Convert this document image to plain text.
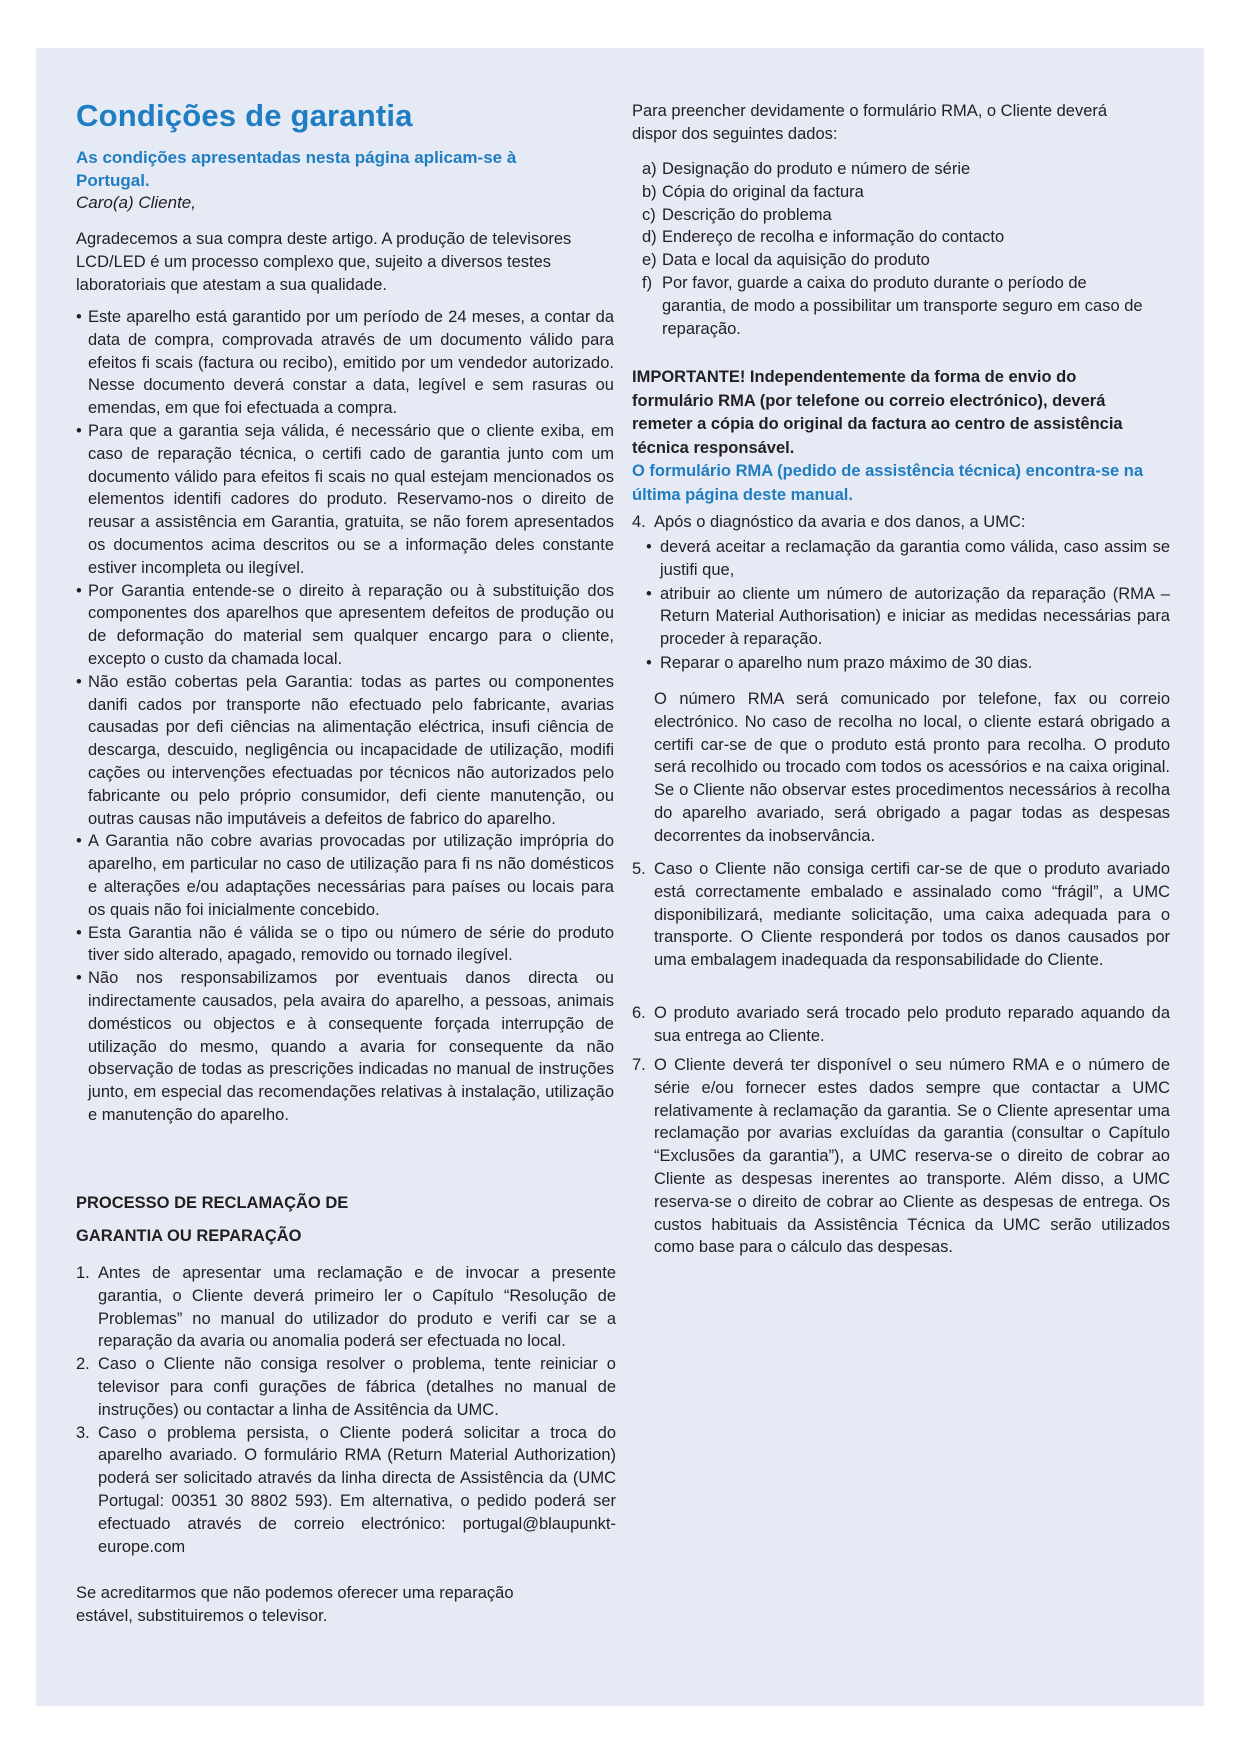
Condições de garantia

As condições apresentadas nesta página aplicam-se à Portugal.

Caro(a) Cliente,

Agradecemos a sua compra deste artigo. A produção de televisores LCD/LED é um processo complexo que, sujeito a diversos testes laboratoriais que atestam a sua qualidade.

• Este aparelho está garantido por um período de 24 meses, a contar da data de compra, comprovada através de um documento válido para efeitos fi scais (factura ou recibo), emitido por um vendedor autorizado. Nesse documento deverá constar a data, legível e sem rasuras ou emendas, em que foi efectuada a compra.
• Para que a garantia seja válida, é necessário que o cliente exiba, em caso de reparação técnica, o certifi cado de garantia junto com um documento válido para efeitos fi scais no qual estejam mencionados os elementos identifi cadores do produto. Reservamo-nos o direito de reusar a assistência em Garantia, gratuita, se não forem apresentados os documentos acima descritos ou se a informação deles constante estiver incompleta ou ilegível.
• Por Garantia entende-se o direito à reparação ou à substituição dos componentes dos aparelhos que apresentem defeitos de produção ou de deformação do material sem qualquer encargo para o cliente, excepto o custo da chamada local.
• Não estão cobertas pela Garantia: todas as partes ou componentes danifi cados por transporte não efectuado pelo fabricante, avarias causadas por defi ciências na alimentação eléctrica, insufi ciência de descarga, descuido, negligência ou incapacidade de utilização, modifi cações ou intervenções efectuadas por técnicos não autorizados pelo fabricante ou pelo próprio consumidor, defi ciente manutenção, ou outras causas não imputáveis a defeitos de fabrico do aparelho.
• A Garantia não cobre avarias provocadas por utilização imprópria do aparelho, em particular no caso de utilização para fi ns não domésticos e alterações e/ou adaptações necessárias para países ou locais para os quais não foi inicialmente concebido.
• Esta Garantia não é válida se o tipo ou número de série do produto tiver sido alterado, apagado, removido ou tornado ilegível.
• Não nos responsabilizamos por eventuais danos directa ou indirectamente causados, pela avaira do aparelho, a pessoas, animais domésticos ou objectos e à consequente forçada interrupção de utilização do mesmo, quando a avaria for consequente da não observação de todas as prescrições indicadas no manual de instruções junto, em especial das recomendações relativas à instalação, utilização e manutenção do aparelho.

PROCESSO DE RECLAMAÇÃO DE

GARANTIA OU REPARAÇÃO

1. Antes de apresentar uma reclamação e de invocar a presente garantia, o Cliente deverá primeiro ler o Capítulo “Resolução de Problemas” no manual do utilizador do produto e verifi car se a reparação da avaria ou anomalia poderá ser efectuada no local.
2. Caso o Cliente não consiga resolver o problema, tente reiniciar o televisor para confi gurações de fábrica (detalhes no manual de instruções) ou contactar a linha de Assitência da UMC.
3. Caso o problema persista, o Cliente poderá solicitar a troca do aparelho avariado. O formulário RMA (Return Material Authorization) poderá ser solicitado através da linha directa de Assistência da (UMC Portugal: 00351 30 8802 593). Em alternativa, o pedido poderá ser efectuado através de correio electrónico: portugal@blaupunkt-europe.com

Se acreditarmos que não podemos oferecer uma reparação estável, substituiremos o televisor.

Para preencher devidamente o formulário RMA, o Cliente deverá dispor dos seguintes dados:

a) Designação do produto e número de série
b) Cópia do original da factura
c) Descrição do problema
d) Endereço de recolha e informação do contacto
e) Data e local da aquisição do produto
f) Por favor, guarde a caixa do produto durante o período de garantia, de modo a possibilitar um transporte seguro em caso de reparação.

IMPORTANTE! Independentemente da forma de envio do formulário RMA (por telefone ou correio electrónico), deverá remeter a cópia do original da factura ao centro de assistência técnica responsável.

O formulário RMA (pedido de assistência técnica) encontra-se na última página deste manual.

4. Após o diagnóstico da avaria e dos danos, a UMC:

• deverá aceitar a reclamação da garantia como válida, caso assim se justifi que,
• atribuir ao cliente um número de autorização da reparação (RMA – Return Material Authorisation) e iniciar as medidas necessárias para proceder à reparação.
• Reparar o aparelho num prazo máximo de 30 dias.

O número RMA será comunicado por telefone, fax ou correio electrónico. No caso de recolha no local, o cliente estará obrigado a certifi car-se de que o produto está pronto para recolha. O produto será recolhido ou trocado com todos os acessórios e na caixa original. Se o Cliente não observar estes procedimentos necessários à recolha do aparelho avariado, será obrigado a pagar todas as despesas decorrentes da inobservância.

5. Caso o Cliente não consiga certifi car-se de que o produto avariado está correctamente embalado e assinalado como “frágil”, a UMC disponibilizará, mediante solicitação, uma caixa adequada para o transporte. O Cliente responderá por todos os danos causados por uma embalagem inadequada da responsabilidade do Cliente.

6. O produto avariado será trocado pelo produto reparado aquando da sua entrega ao Cliente.

7. O Cliente deverá ter disponível o seu número RMA e o número de série e/ou fornecer estes dados sempre que contactar a UMC relativamente à reclamação da garantia. Se o Cliente apresentar uma reclamação por avarias excluídas da garantia (consultar o Capítulo “Exclusões da garantia”), a UMC reserva-se o direito de cobrar ao Cliente as despesas inerentes ao transporte. Além disso, a UMC reserva-se o direito de cobrar ao Cliente as despesas de entrega. Os custos habituais da Assistência Técnica da UMC serão utilizados como base para o cálculo das despesas.
